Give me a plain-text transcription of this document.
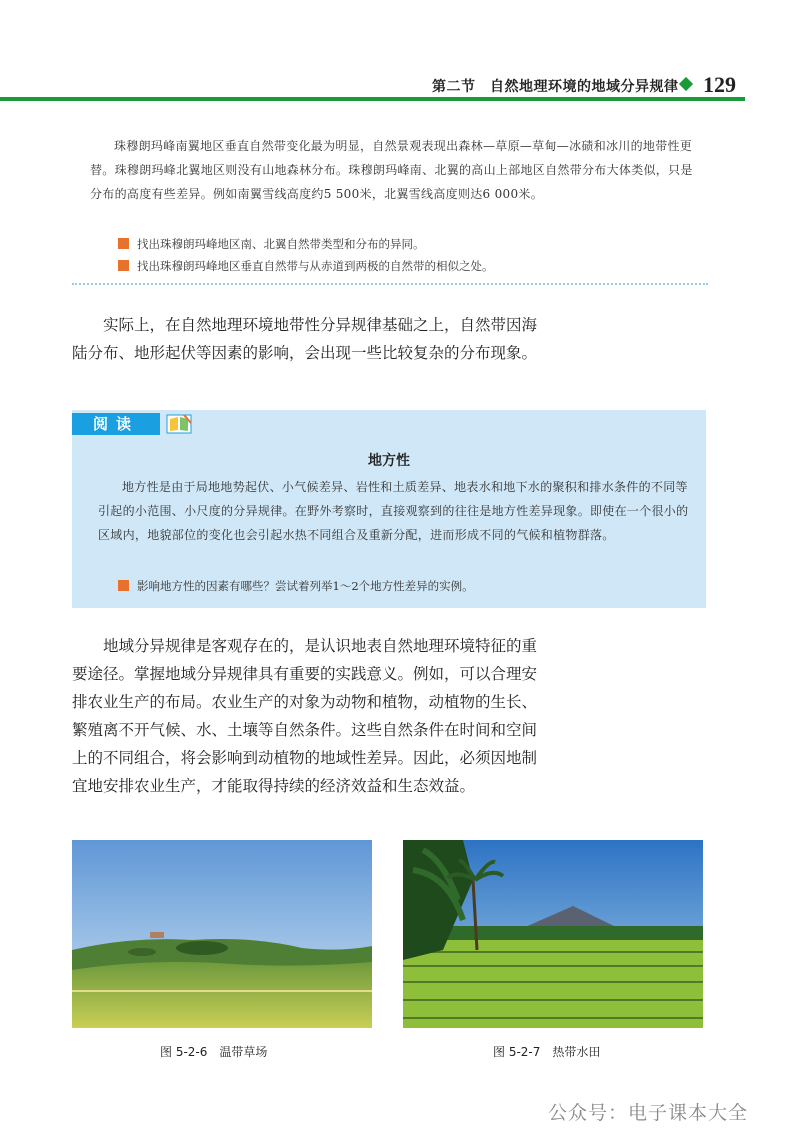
第二节　自然地理环境的地域分异规律 129
珠穆朗玛峰南翼地区垂直自然带变化最为明显，自然景观表现出森林—草原—草甸—冰碛和冰川的地带性更替。珠穆朗玛峰北翼地区则没有山地森林分布。珠穆朗玛峰南、北翼的高山上部地区自然带分布大体类似，只是分布的高度有些差异。例如南翼雪线高度约5 500米，北翼雪线高度则达6 000米。
找出珠穆朗玛峰地区南、北翼自然带类型和分布的异同。
找出珠穆朗玛峰地区垂直自然带与从赤道到两极的自然带的相似之处。
实际上，在自然地理环境地带性分异规律基础之上，自然带因海陆分布、地形起伏等因素的影响，会出现一些比较复杂的分布现象。
阅读
地方性
地方性是由于局地地势起伏、小气候差异、岩性和土质差异、地表水和地下水的聚积和排水条件的不同等引起的小范围、小尺度的分异规律。在野外考察时，直接观察到的往往是地方性差异现象。即使在一个很小的区域内，地貌部位的变化也会引起水热不同组合及重新分配，进而形成不同的气候和植物群落。
影响地方性的因素有哪些？尝试着列举1～2个地方性差异的实例。
地域分异规律是客观存在的，是认识地表自然地理环境特征的重要途径。掌握地域分异规律具有重要的实践意义。例如，可以合理安排农业生产的布局。农业生产的对象为动物和植物，动植物的生长、繁殖离不开气候、水、土壤等自然条件。这些自然条件在时间和空间上的不同组合，将会影响到动植物的地域性差异。因此，必须因地制宜地安排农业生产，才能取得持续的经济效益和生态效益。
图 5-2-6　温带草场	图 5-2-7　热带水田
公众号：电子课本大全
